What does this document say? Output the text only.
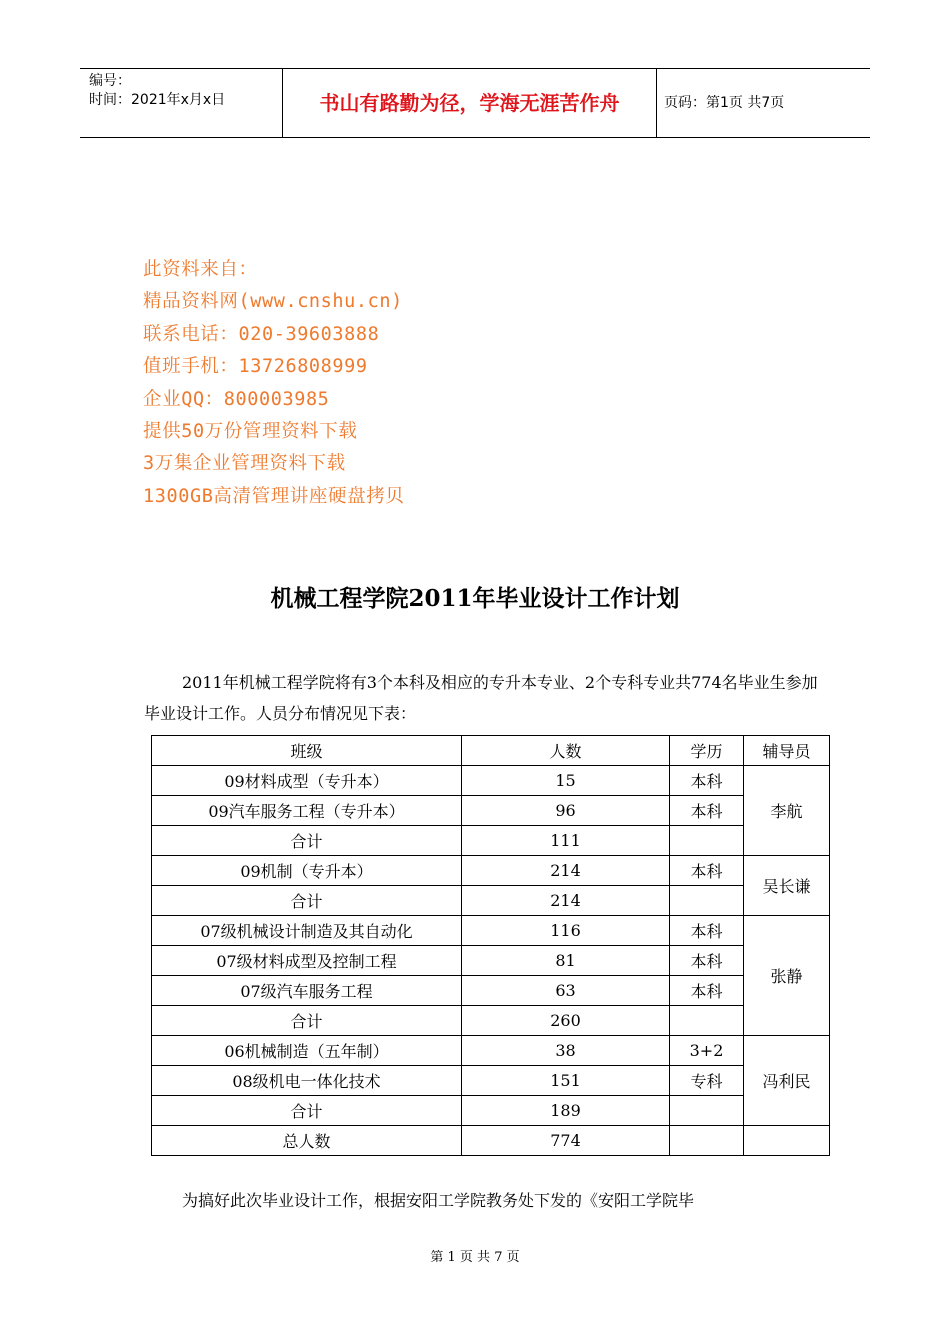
编号：
时间：2021年x月x日	书山有路勤为径，学海无涯苦作舟	页码：第1页 共7页
此资料来自：
精品资料网(www.cnshu.cn)
联系电话：020-39603888
值班手机：13726808999
企业QQ：800003985
提供50万份管理资料下载
3万集企业管理资料下载
1300GB高清管理讲座硬盘拷贝
机械工程学院2011年毕业设计工作计划
2011年机械工程学院将有3个本科及相应的专升本专业、2个专科专业共774名毕业生参加毕业设计工作。人员分布情况见下表：
班级	人数	学历	辅导员
09材料成型（专升本）	15	本科	李航
09汽车服务工程（专升本）	96	本科	
合计	111		
09机制（专升本）	214	本科	吴长谦
合计	214		
07级机械设计制造及其自动化	116	本科	张静
07级材料成型及控制工程	81	本科	
07级汽车服务工程	63	本科	
合计	260		
06机械制造（五年制）	38	3+2	冯利民
08级机电一体化技术	151	专科	
合计	189		
总人数	774		
为搞好此次毕业设计工作，根据安阳工学院教务处下发的《安阳工学院毕
第 1 页 共 7 页
